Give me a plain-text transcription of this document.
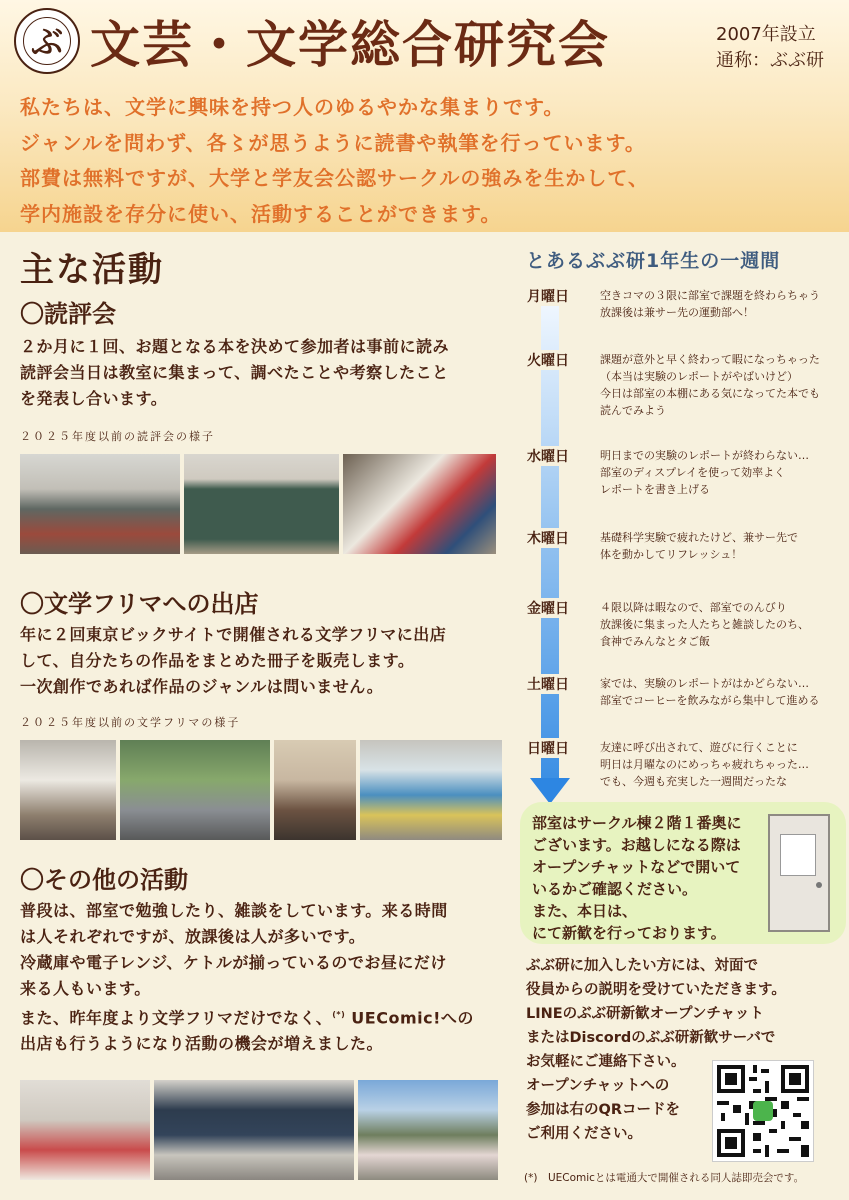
ぶ 文芸・文学総合研究会	2007年設立
通称：ぶぶ研

私たちは、文学に興味を持つ人のゆるやかな集まりです。

ジャンルを問わず、各〻が思うように読書や執筆を行っています。

部費は無料ですが、大学と学友会公認サークルの強みを生かして、

学内施設を存分に使い、活動することができます。

主な活動
〇読評会

２か月に１回、お題となる本を決めて参加者は事前に読み

読評会当日は教室に集まって、調べたことや考察したこと

を発表し合います。

２０２５年度以前の読評会の様子
〇文学フリマへの出店

年に２回東京ビックサイトで開催される文学フリマに出店

して、自分たちの作品をまとめた冊子を販売します。

一次創作であれば作品のジャンルは問いません。

２０２５年度以前の文学フリマの様子
〇その他の活動

普段は、部室で勉強したり、雑談をしています。来る時間

は人それぞれですが、放課後は人が多いです。

冷蔵庫や電子レンジ、ケトルが揃っているのでお昼にだけ

来る人もいます。

また、昨年度より文学フリマだけでなく、(*) UEComic!への

出店も行うようになり活動の機会が増えました。

とあるぶぶ研1年生の一週間
月曜日	空きコマの３限に部室で課題を終わらちゃう

放課後は兼サー先の運動部へ！

火曜日	課題が意外と早く終わって暇になっちゃった

（本当は実験のレポートがやばいけど）

今日は部室の本棚にある気になってた本でも

読んでみよう

水曜日	明日までの実験のレポートが終わらない…

部室のディスプレイを使って効率よく

レポートを書き上げる

木曜日	基礎科学実験で疲れたけど、兼サー先で

体を動かしてリフレッシュ！

金曜日	４限以降は暇なので、部室でのんびり

放課後に集まった人たちと雑談したのち、

食神でみんなとタご飯

土曜日	家では、実験のレポートがはかどらない…

部室でコーヒーを飲みながら集中して進める

日曜日	友達に呼び出されて、遊びに行くことに

明日は月曜なのにめっちゃ疲れちゃった…

でも、今週も充実した一週間だったな

部室はサークル棟２階１番奥に

ございます。お越しになる際は

オープンチャットなどで開いて

いるかご確認ください。

また、本日は、

にて新歓を行っております。

ぶぶ研に加入したい方には、対面で

役員からの説明を受けていただきます。

LINEのぶぶ研新歓オープンチャット

またはDiscordのぶぶ研新歓サーバで

お気軽にご連絡下さい。

オープンチャットへの

参加は右のQRコードを

ご利用ください。

(*)　UEComicとは電通大で開催される同人誌即売会です。
